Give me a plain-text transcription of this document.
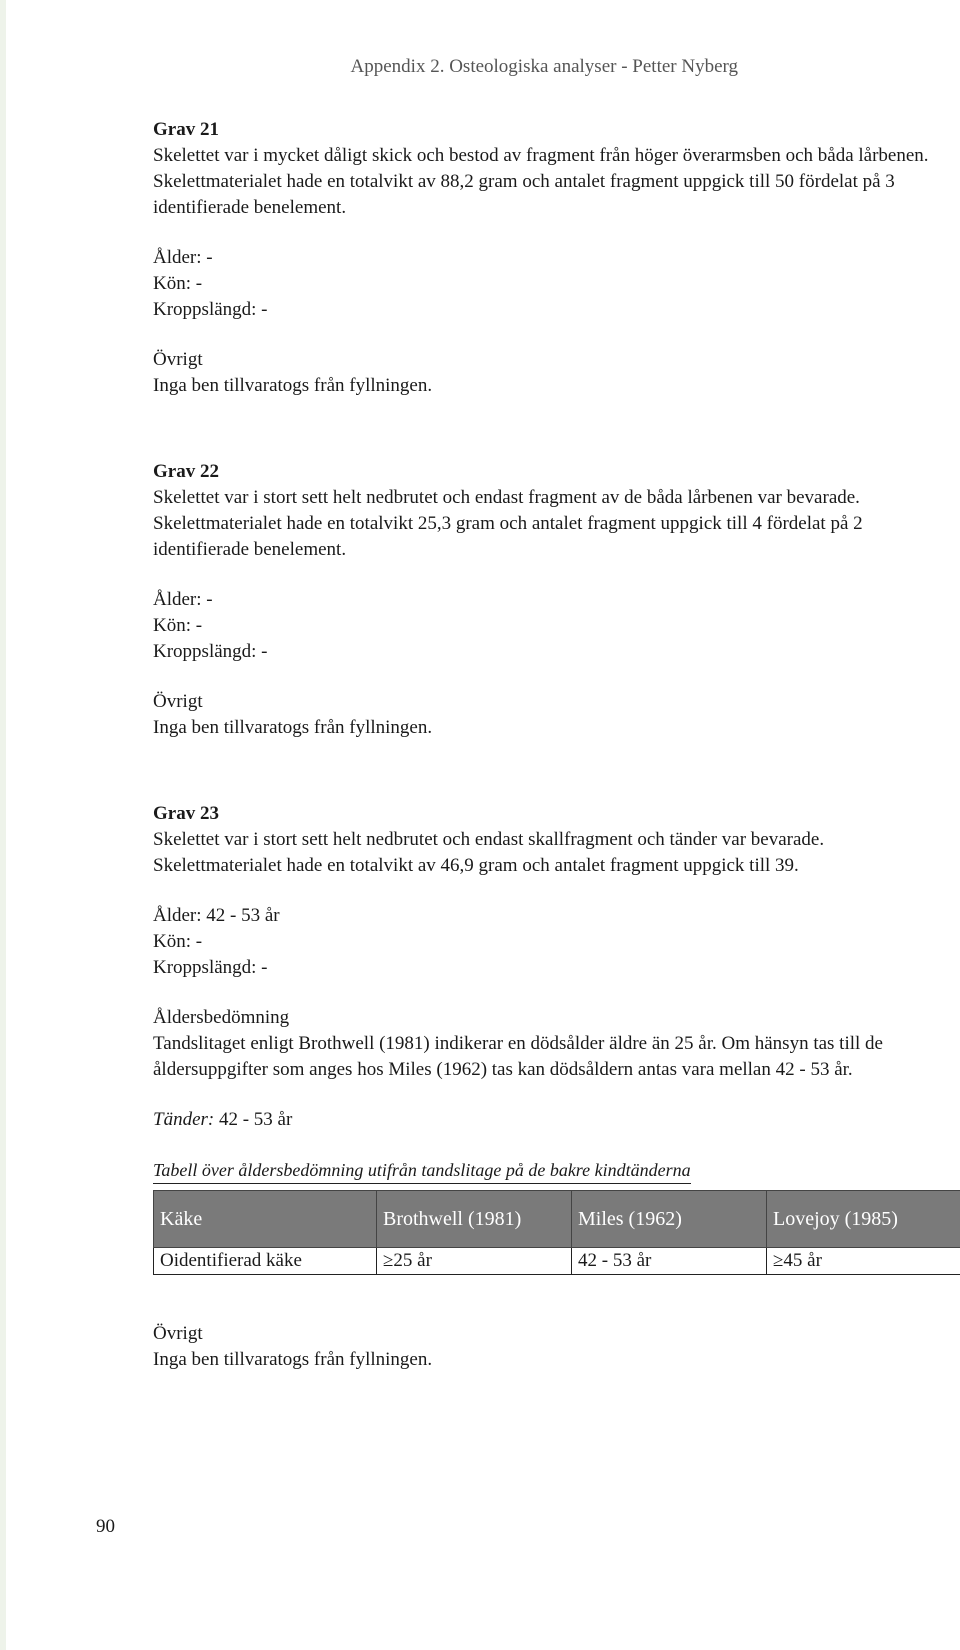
Appendix 2. Osteologiska analyser - Petter Nyberg
Grav 21
Skelettet var i mycket dåligt skick och bestod av fragment från höger överarmsben och båda lårbenen. Skelettmaterialet hade en totalvikt av 88,2 gram och antalet fragment uppgick till 50 fördelat på 3 identifierade benelement.
Ålder: -
Kön: -
Kroppslängd: -
Övrigt
Inga ben tillvaratogs från fyllningen.
Grav 22
Skelettet var i stort sett helt nedbrutet och endast fragment av de båda lårbenen var bevarade. Skelettmaterialet hade en totalvikt 25,3 gram och antalet fragment uppgick till 4 fördelat på 2 identifierade benelement.
Ålder: -
Kön: -
Kroppslängd: -
Övrigt
Inga ben tillvaratogs från fyllningen.
Grav 23
Skelettet var i stort sett helt nedbrutet och endast skallfragment och tänder var bevarade. Skelettmaterialet hade en totalvikt av 46,9 gram och antalet fragment uppgick till 39.
Ålder: 42 - 53 år
Kön: -
Kroppslängd: -
Åldersbedömning
Tandslitaget enligt Brothwell (1981) indikerar en dödsålder äldre än 25 år. Om hänsyn tas till de åldersuppgifter som anges hos Miles (1962) tas kan dödsåldern antas vara mellan 42 - 53 år.
Tänder: 42 - 53 år
Tabell över åldersbedömning utifrån tandslitage på de bakre kindtänderna
Käke	Brothwell (1981)	Miles (1962)	Lovejoy (1985)
Oidentifierad käke	≥25 år	42 - 53 år	≥45 år
Övrigt
Inga ben tillvaratogs från fyllningen.
90
